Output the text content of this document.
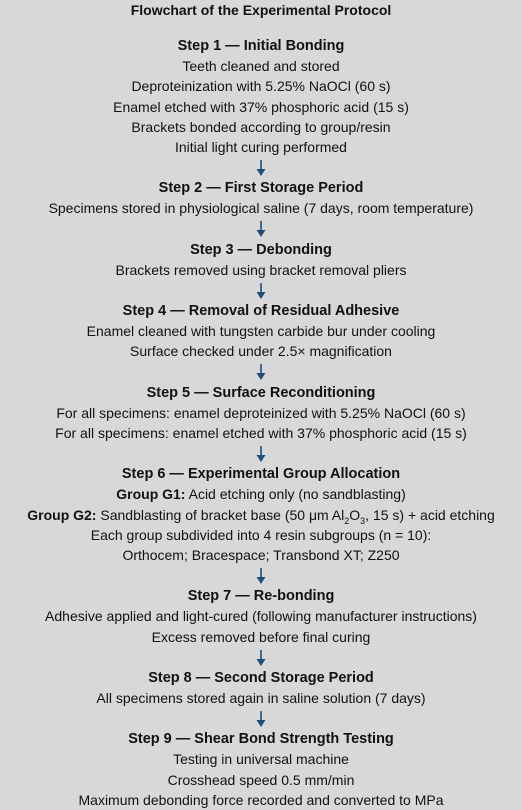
Flowchart of the Experimental Protocol
Step 1 — Initial Bonding
Teeth cleaned and stored
Deproteinization with 5.25% NaOCl (60 s)
Enamel etched with 37% phosphoric acid (15 s)
Brackets bonded according to group/resin
Initial light curing performed
Step 2 — First Storage Period
Specimens stored in physiological saline (7 days, room temperature)
Step 3 — Debonding
Brackets removed using bracket removal pliers
Step 4 — Removal of Residual Adhesive
Enamel cleaned with tungsten carbide bur under cooling
Surface checked under 2.5× magnification
Step 5 — Surface Reconditioning
For all specimens: enamel deproteinized with 5.25% NaOCl (60 s)
For all specimens: enamel etched with 37% phosphoric acid (15 s)
Step 6 — Experimental Group Allocation
Group G1: Acid etching only (no sandblasting)
Group G2: Sandblasting of bracket base (50 μm $Al_2O_3$, 15 s) + acid etching
Each group subdivided into 4 resin subgroups (n = 10):
Orthocem; Bracespace; Transbond XT; Z250
Step 7 — Re-bonding
Adhesive applied and light-cured (following manufacturer instructions)
Excess removed before final curing
Step 8 — Second Storage Period
All specimens stored again in saline solution (7 days)
Step 9 — Shear Bond Strength Testing
Testing in universal machine
Crosshead speed 0.5 mm/min
Maximum debonding force recorded and converted to MPa
